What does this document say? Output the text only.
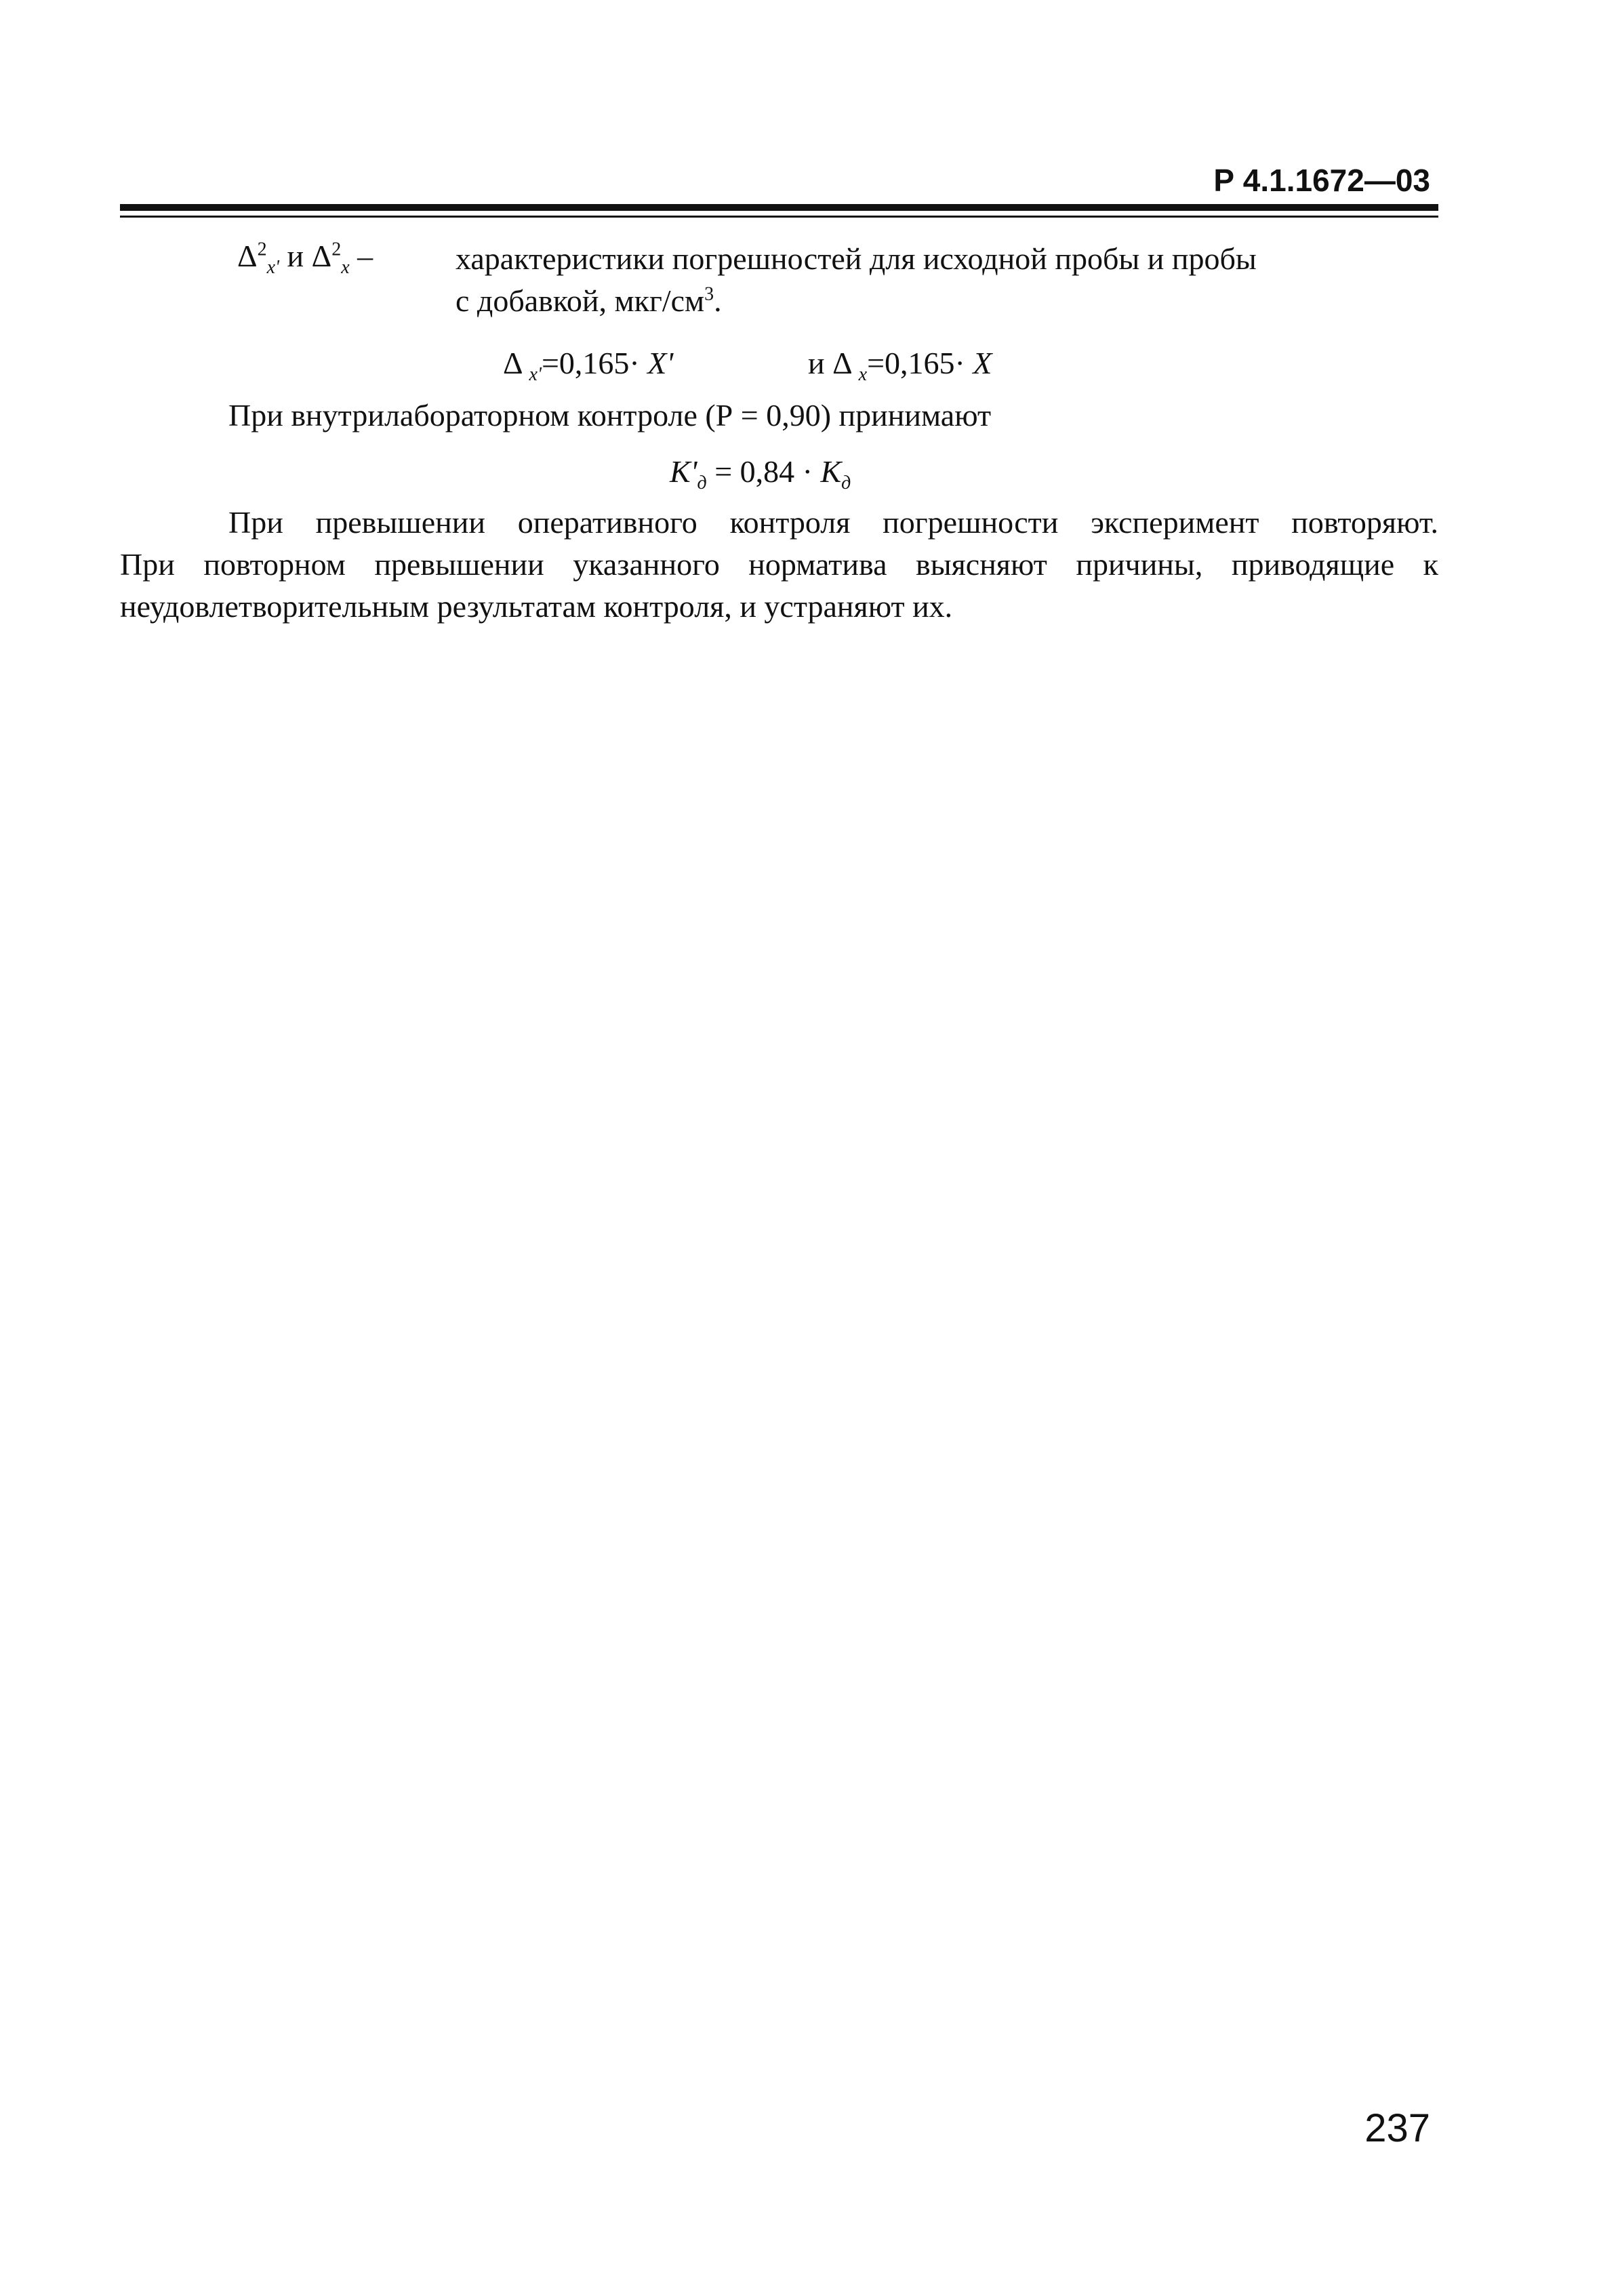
Р 4.1.1672—03
$\Delta^2_{x'}$ и $\Delta^2_x$ –	характеристики погрешностей для исходной пробы и пробы
с добавкой, мкг/$см^3$.
Δ $_{x'}$=0,165· X'	и Δ $_x$=0,165· X
При внутрилабораторном контроле (Р = 0,90) принимают
$K'_д = 0,84 \cdot K_д$

При превышении оперативного контроля погрешности эксперимент повторяют.

При повторном превышении указанного норматива выясняют причины, приводящие к

неудовлетворительным результатам контроля, и устраняют их.

237
